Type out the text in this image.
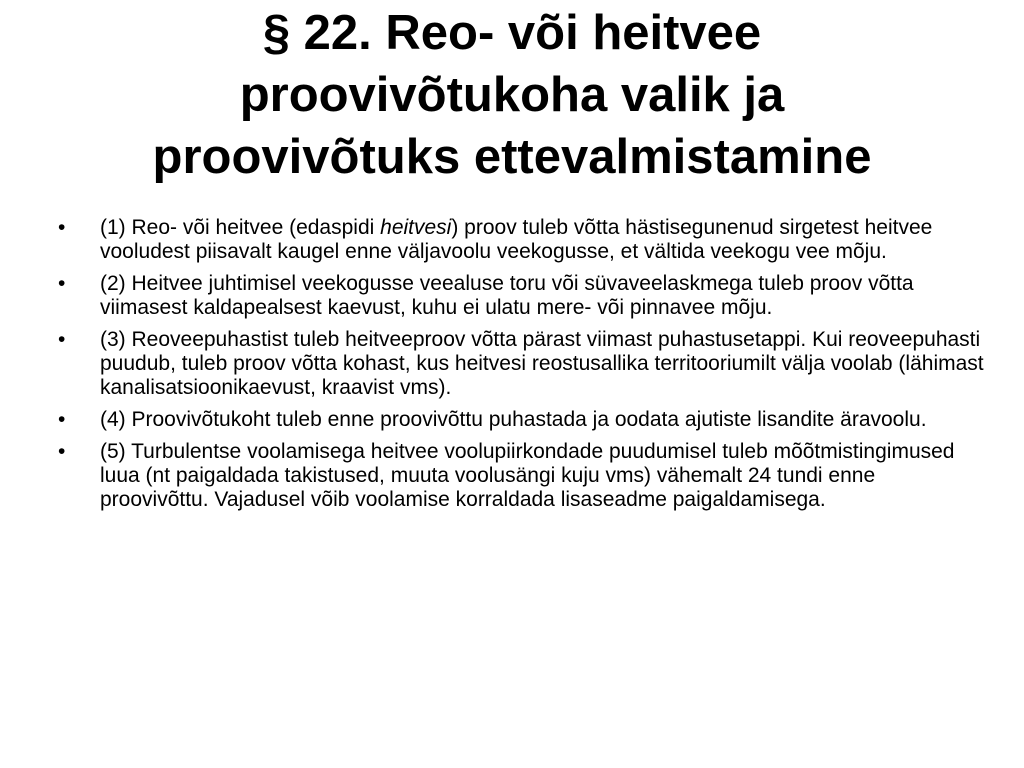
§ 22. Reo- või heitvee
proovivõtukoha valik ja
proovivõtuks ettevalmistamine
• (1) Reo- või heitvee (edaspidi heitvesi) proov tuleb võtta hästisegunenud sirgetest heitvee vooludest piisavalt kaugel enne väljavoolu veekogusse, et vältida veekogu vee mõju.
• (2) Heitvee juhtimisel veekogusse veealuse toru või süvaveelaskmega tuleb proov võtta viimasest kaldapealsest kaevust, kuhu ei ulatu mere- või pinnavee mõju.
• (3) Reoveepuhastist tuleb heitveeproov võtta pärast viimast puhastusetappi. Kui reoveepuhasti puudub, tuleb proov võtta kohast, kus heitvesi reostusallika territooriumilt välja voolab (lähimast kanalisatsioonikaevust, kraavist vms).
• (4) Proovivõtukoht tuleb enne proovivõttu puhastada ja oodata ajutiste lisandite äravoolu.
• (5) Turbulentse voolamisega heitvee voolupiirkondade puudumisel tuleb mõõtmistingimused luua (nt paigaldada takistused, muuta voolusängi kuju vms) vähemalt 24 tundi enne proovivõttu. Vajadusel võib voolamise korraldada lisaseadme paigaldamisega.
